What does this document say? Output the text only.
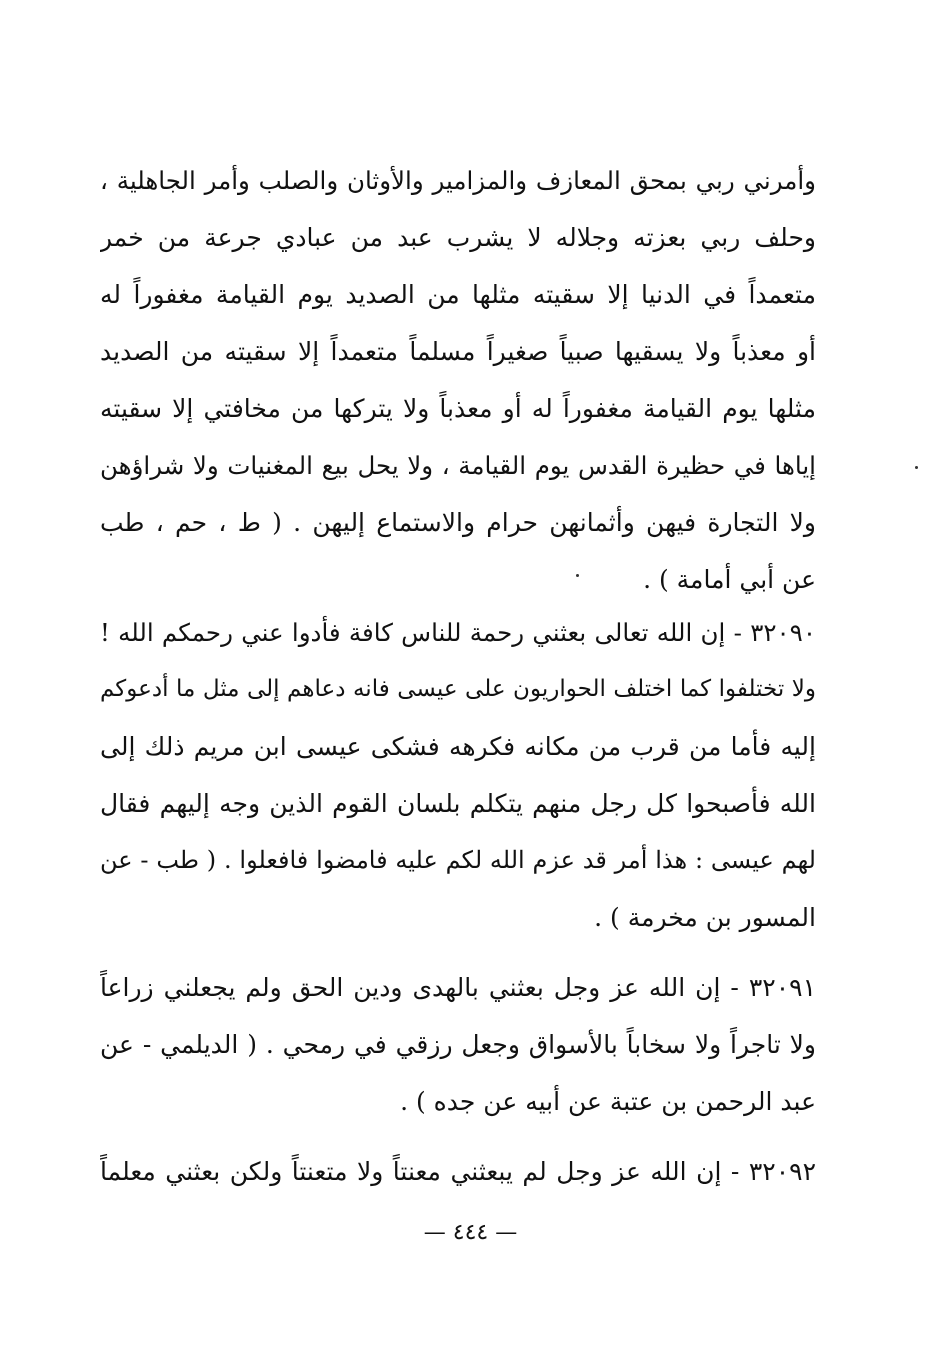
وأمرني ربي بمحق المعازف والمزامير والأوثان والصلب وأمر الجاهلية ،
وحلف ربي بعزته وجلاله لا يشرب عبد من عبادي جرعة من خمر
متعمداً في الدنيا إلا سقيته مثلها من الصديد يوم القيامة مغفوراً له
أو معذباً ولا يسقيها صبياً صغيراً مسلماً متعمداً إلا سقيته من الصديد
مثلها يوم القيامة مغفوراً له أو معذباً ولا يتركها من مخافتي إلا سقيته
إياها في حظيرة القدس يوم القيامة ، ولا يحل بيع المغنيات ولا شراؤهن
ولا التجارة فيهن وأثمانهن حرام والاستماع إليهن . ( ط ، حم ، طب
عن أبي أمامة ) .
٣٢٠٩٠ - إن الله تعالى بعثني رحمة للناس كافة فأدوا عني رحمكم الله !
ولا تختلفوا كما اختلف الحواريون على عيسى فانه دعاهم إلى مثل ما أدعوكم
إليه فأما من قرب من مكانه فكرهه فشكى عيسى ابن مريم ذلك إلى
الله فأصبحوا كل رجل منهم يتكلم بلسان القوم الذين وجه إليهم فقال
لهم عيسى : هذا أمر قد عزم الله لكم عليه فامضوا فافعلوا . ( طب - عن
المسور بن مخرمة ) .
٣٢٠٩١ - إن الله عز وجل بعثني بالهدى ودين الحق ولم يجعلني زراعاً
ولا تاجراً ولا سخاباً بالأسواق وجعل رزقي في رمحي . ( الديلمي - عن
عبد الرحمن بن عتبة عن أبيه عن جده ) .
٣٢٠٩٢ - إن الله عز وجل لم يبعثني معنتاً ولا متعنتاً ولكن بعثني معلماً
— ٤٤٤ —
